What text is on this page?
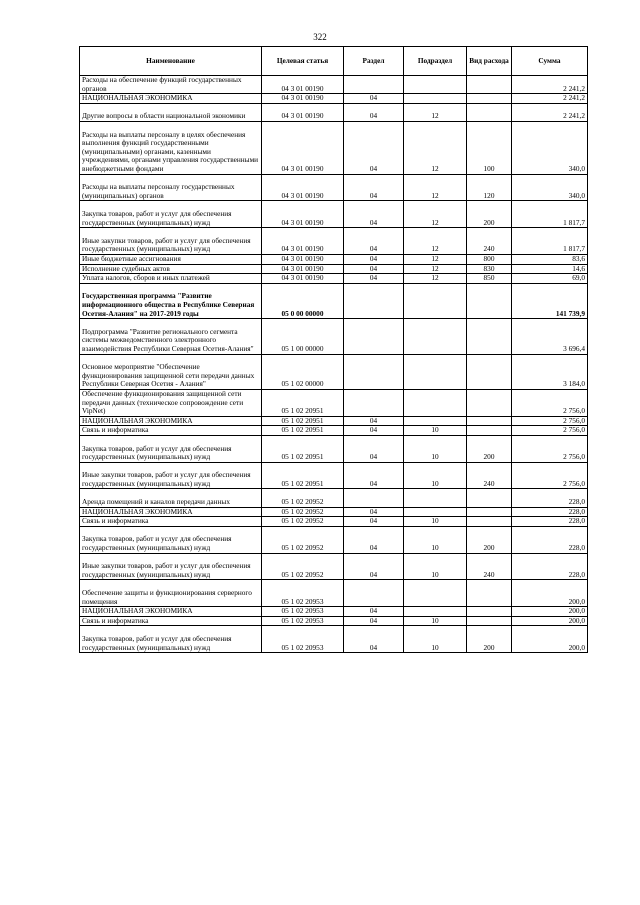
322
Наименование	Целевая статья	Раздел	Подраздел	Вид расхода	Сумма
Расходы на обеспечение функций государственных органов	04 3 01 00190				2 241,2
НАЦИОНАЛЬНАЯ ЭКОНОМИКА	04 3 01 00190	04			2 241,2
Другие вопросы в области национальной экономики	04 3 01 00190	04	12		2 241,2
Расходы на выплаты персоналу в целях обеспечения выполнения функций государственными (муниципальными) органами, казенными учреждениями, органами управления государственными внебюджетными фондами	04 3 01 00190	04	12	100	340,0
Расходы на выплаты персоналу государственных (муниципальных) органов	04 3 01 00190	04	12	120	340,0
Закупка товаров, работ и услуг для обеспечения государственных (муниципальных) нужд	04 3 01 00190	04	12	200	1 817,7
Иные закупки товаров, работ и услуг для обеспечения государственных (муниципальных) нужд	04 3 01 00190	04	12	240	1 817,7
Иные бюджетные ассигнования	04 3 01 00190	04	12	800	83,6
Исполнение судебных актов	04 3 01 00190	04	12	830	14,6
Уплата налогов, сборов и иных платежей	04 3 01 00190	04	12	850	69,0
Государственная программа "Развитие информационного общества в Республике Северная Осетия-Алания" на 2017-2019 годы	05 0 00 00000				141 739,9
Подпрограмма "Развитие регионального сегмента системы межведомственного электронного взаимодействия Республики Северная Осетия-Алания"	05 1 00 00000				3 696,4
Основное мероприятие "Обеспечение функционирования защищенной сети передачи данных Республики Северная Осетия - Алания"	05 1 02 00000				3 184,0
Обеспечение функционирования защищенной сети передачи данных (техническое сопровождение сети VipNet)	05 1 02 20951				2 756,0
НАЦИОНАЛЬНАЯ ЭКОНОМИКА	05 1 02 20951	04			2 756,0
Связь и информатика	05 1 02 20951	04	10		2 756,0
Закупка товаров, работ и услуг для обеспечения государственных (муниципальных) нужд	05 1 02 20951	04	10	200	2 756,0
Иные закупки товаров, работ и услуг для обеспечения государственных (муниципальных) нужд	05 1 02 20951	04	10	240	2 756,0
Аренда помещений и каналов передачи данных	05 1 02 20952				228,0
НАЦИОНАЛЬНАЯ ЭКОНОМИКА	05 1 02 20952	04			228,0
Связь и информатика	05 1 02 20952	04	10		228,0
Закупка товаров, работ и услуг для обеспечения государственных (муниципальных) нужд	05 1 02 20952	04	10	200	228,0
Иные закупки товаров, работ и услуг для обеспечения государственных (муниципальных) нужд	05 1 02 20952	04	10	240	228,0
Обеспечение защиты и функционирования серверного помещения	05 1 02 20953				200,0
НАЦИОНАЛЬНАЯ ЭКОНОМИКА	05 1 02 20953	04			200,0
Связь и информатика	05 1 02 20953	04	10		200,0
Закупка товаров, работ и услуг для обеспечения государственных (муниципальных) нужд	05 1 02 20953	04	10	200	200,0
